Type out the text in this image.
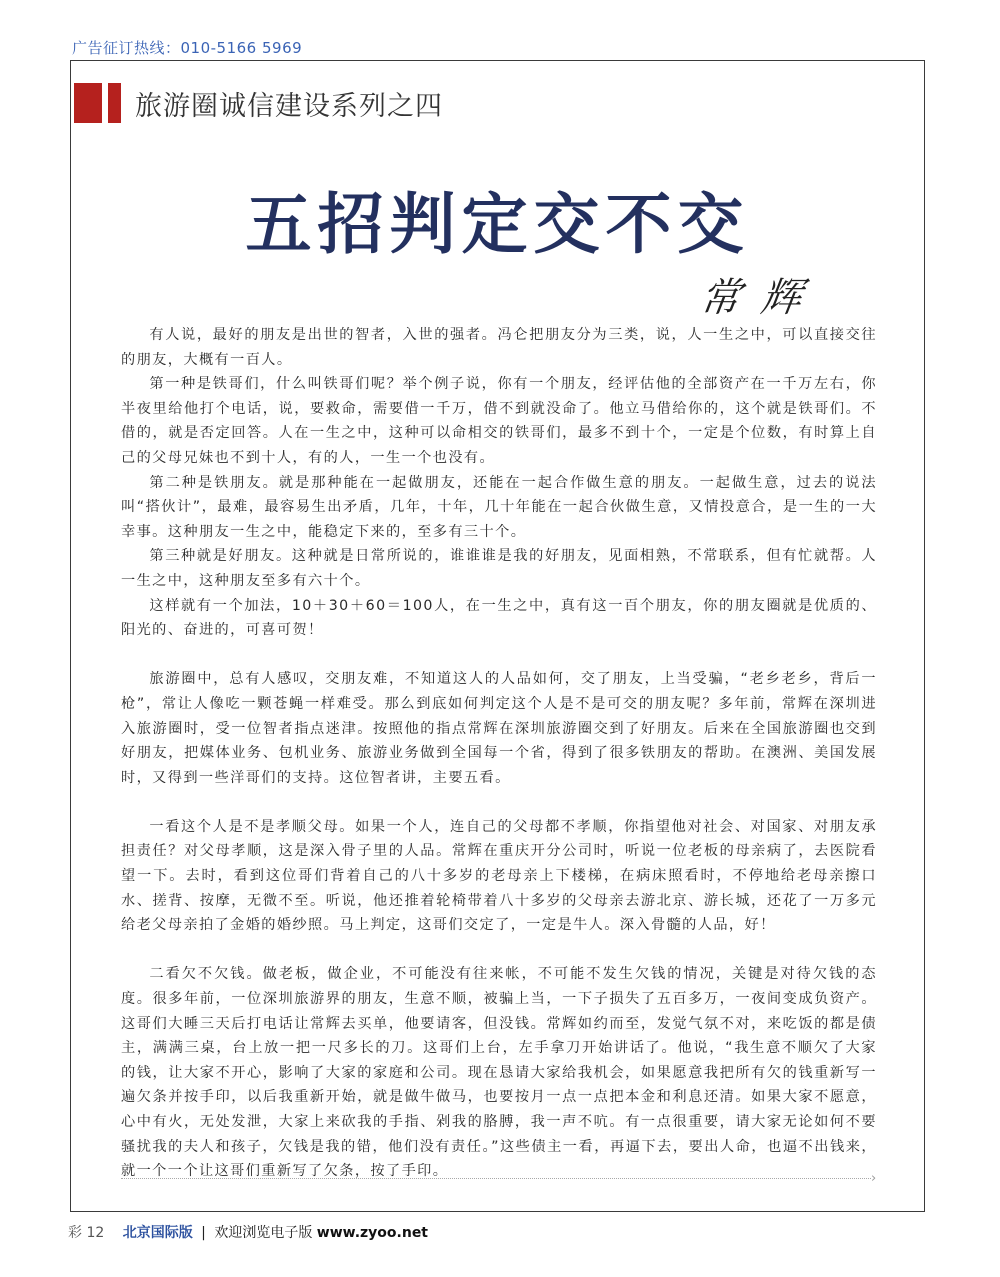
广告征订热线：010-5166 5969
旅游圈诚信建设系列之四
五招判定交不交
常 辉

有人说，最好的朋友是出世的智者，入世的强者。冯仑把朋友分为三类，说，人一生之中，可以直接交往的朋友，大概有一百人。

第一种是铁哥们，什么叫铁哥们呢？举个例子说，你有一个朋友，经评估他的全部资产在一千万左右，你半夜里给他打个电话，说，要救命，需要借一千万，借不到就没命了。他立马借给你的，这个就是铁哥们。不借的，就是否定回答。人在一生之中，这种可以命相交的铁哥们，最多不到十个，一定是个位数，有时算上自己的父母兄妹也不到十人，有的人，一生一个也没有。

第二种是铁朋友。就是那种能在一起做朋友，还能在一起合作做生意的朋友。一起做生意，过去的说法叫“搭伙计”，最难，最容易生出矛盾，几年，十年，几十年能在一起合伙做生意，又情投意合，是一生的一大幸事。这种朋友一生之中，能稳定下来的，至多有三十个。

第三种就是好朋友。这种就是日常所说的，谁谁谁是我的好朋友，见面相熟，不常联系，但有忙就帮。人一生之中，这种朋友至多有六十个。

这样就有一个加法，10＋30＋60＝100人，在一生之中，真有这一百个朋友，你的朋友圈就是优质的、阳光的、奋进的，可喜可贺！

旅游圈中，总有人感叹，交朋友难，不知道这人的人品如何，交了朋友，上当受骗，“老乡老乡，背后一枪”，常让人像吃一颗苍蝇一样难受。那么到底如何判定这个人是不是可交的朋友呢？多年前，常辉在深圳进入旅游圈时，受一位智者指点迷津。按照他的指点常辉在深圳旅游圈交到了好朋友。后来在全国旅游圈也交到好朋友，把媒体业务、包机业务、旅游业务做到全国每一个省，得到了很多铁朋友的帮助。在澳洲、美国发展时，又得到一些洋哥们的支持。这位智者讲，主要五看。

一看这个人是不是孝顺父母。如果一个人，连自己的父母都不孝顺，你指望他对社会、对国家、对朋友承担责任？对父母孝顺，这是深入骨子里的人品。常辉在重庆开分公司时，听说一位老板的母亲病了，去医院看望一下。去时，看到这位哥们背着自己的八十多岁的老母亲上下楼梯，在病床照看时，不停地给老母亲擦口水、搓背、按摩，无微不至。听说，他还推着轮椅带着八十多岁的父母亲去游北京、游长城，还花了一万多元给老父母亲拍了金婚的婚纱照。马上判定，这哥们交定了，一定是牛人。深入骨髓的人品，好！

二看欠不欠钱。做老板，做企业，不可能没有往来帐，不可能不发生欠钱的情况，关键是对待欠钱的态度。很多年前，一位深圳旅游界的朋友，生意不顺，被骗上当，一下子损失了五百多万，一夜间变成负资产。这哥们大睡三天后打电话让常辉去买单，他要请客，但没钱。常辉如约而至，发觉气氛不对，来吃饭的都是债主，满满三桌，台上放一把一尺多长的刀。这哥们上台，左手拿刀开始讲话了。他说，“我生意不顺欠了大家的钱，让大家不开心，影响了大家的家庭和公司。现在恳请大家给我机会，如果愿意我把所有欠的钱重新写一遍欠条并按手印，以后我重新开始，就是做牛做马，也要按月一点一点把本金和利息还清。如果大家不愿意，心中有火，无处发泄，大家上来砍我的手指、剁我的胳膊，我一声不吭。有一点很重要，请大家无论如何不要骚扰我的夫人和孩子，欠钱是我的错，他们没有责任。”这些债主一看，再逼下去，要出人命，也逼不出钱来，就一个一个让这哥们重新写了欠条，按了手印。	›
彩 12 北京国际版 | 欢迎浏览电子版 www.zyoo.net
